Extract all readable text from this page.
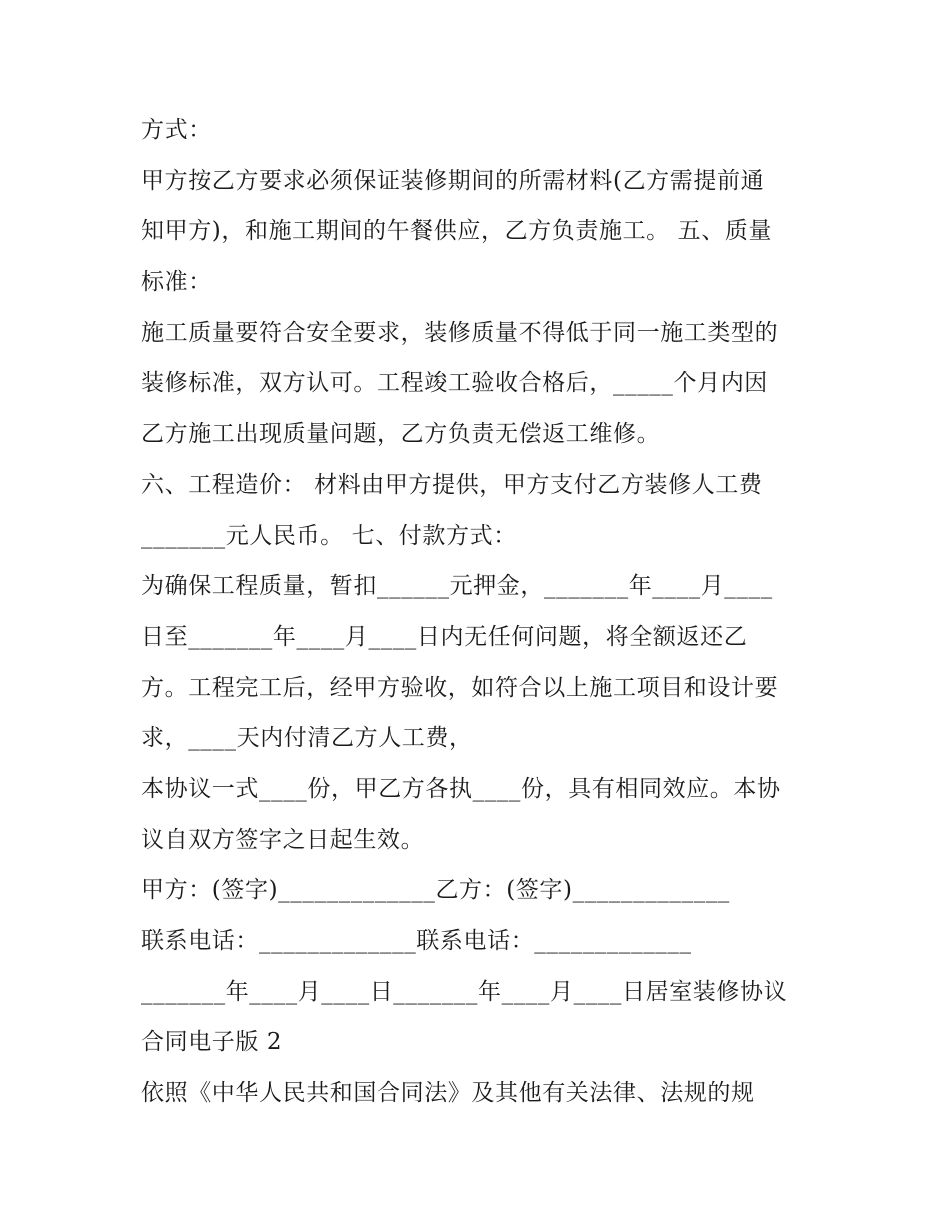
方式：
甲方按乙方要求必须保证装修期间的所需材料(乙方需提前通
知甲方)，和施工期间的午餐供应，乙方负责施工。 五、质量
标准：
施工质量要符合安全要求，装修质量不得低于同一施工类型的
装修标准，双方认可。工程竣工验收合格后，_____个月内因
乙方施工出现质量问题，乙方负责无偿返工维修。
六、工程造价： 材料由甲方提供，甲方支付乙方装修人工费
_______元人民币。 七、付款方式：
为确保工程质量，暂扣______元押金，_______年____月____
日至_______年____月____日内无任何问题，将全额返还乙
方。工程完工后，经甲方验收，如符合以上施工项目和设计要
求，____天内付清乙方人工费，
本协议一式____份，甲乙方各执____份，具有相同效应。本协
议自双方签字之日起生效。
甲方：(签字)_____________乙方：(签字)_____________
联系电话：_____________联系电话：_____________
_______年____月____日_______年____月____日居室装修协议
合同电子版 2
依照《中华人民共和国合同法》及其他有关法律、法规的规
